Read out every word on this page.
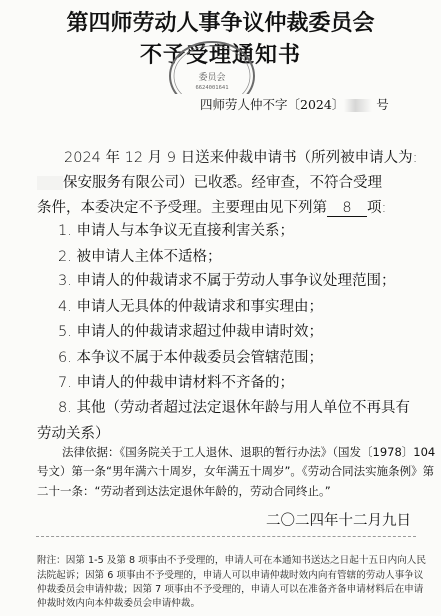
第四师劳动人事争议仲裁委员会
不予受理通知书
委员会
6624001641
四师劳人仲不字〔2024〕	号
2024 年 12 月 9 日送来仲裁申请书（所列被申请人为:
保安服务有限公司）已收悉。经审查，不符合受理
条件，本委决定不予受理。主要理由见下列第 8 项:
1. 申请人与本争议无直接利害关系；
2. 被申请人主体不适格；
3. 申请人的仲裁请求不属于劳动人事争议处理范围；
4. 申请人无具体的仲裁请求和事实理由；
5. 申请人的仲裁请求超过仲裁申请时效；
6. 本争议不属于本仲裁委员会管辖范围；
7. 申请人的仲裁申请材料不齐备的；
8. 其他（劳动者超过法定退休年龄与用人单位不再具有
劳动关系）
法律依据：《国务院关于工人退休、退职的暂行办法》（国发〔1978〕104
号文）第一条“男年满六十周岁，女年满五十周岁”。《劳动合同法实施条例》第
二十一条：“劳动者到达法定退休年龄的，劳动合同终止。”
二〇二四年十二月九日
附注：因第 1-5 及第 8 项事由不予受理的，申请人可在本通知书送达之日起十五日内向人民
法院起诉；因第 6 项事由不予受理的，申请人可以申请仲裁时效内向有管辖的劳动人事争议
仲裁委员会申请仲裁；因第 7 项事由不予受理的，申请人可以在准备齐备申请材料后在申请
仲裁时效内向本仲裁委员会申请仲裁。
